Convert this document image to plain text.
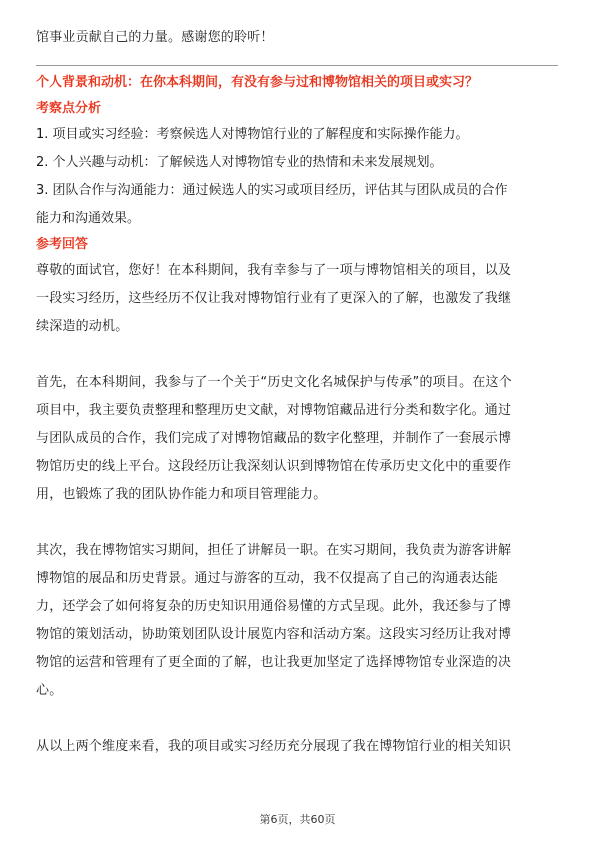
馆事业贡献自己的力量。感谢您的聆听！

个人背景和动机：在你本科期间，有没有参与过和博物馆相关的项目或实习？

考察点分析

1. 项目或实习经验：考察候选人对博物馆行业的了解程度和实际操作能力。

2. 个人兴趣与动机：了解候选人对博物馆专业的热情和未来发展规划。

3. 团队合作与沟通能力：通过候选人的实习或项目经历，评估其与团队成员的合作

能力和沟通效果。

参考回答

尊敬的面试官，您好！在本科期间，我有幸参与了一项与博物馆相关的项目，以及

一段实习经历，这些经历不仅让我对博物馆行业有了更深入的了解，也激发了我继

续深造的动机。

首先，在本科期间，我参与了一个关于“历史文化名城保护与传承”的项目。在这个

项目中，我主要负责整理和整理历史文献，对博物馆藏品进行分类和数字化。通过

与团队成员的合作，我们完成了对博物馆藏品的数字化整理，并制作了一套展示博

物馆历史的线上平台。这段经历让我深刻认识到博物馆在传承历史文化中的重要作

用，也锻炼了我的团队协作能力和项目管理能力。

其次，我在博物馆实习期间，担任了讲解员一职。在实习期间，我负责为游客讲解

博物馆的展品和历史背景。通过与游客的互动，我不仅提高了自己的沟通表达能

力，还学会了如何将复杂的历史知识用通俗易懂的方式呈现。此外，我还参与了博

物馆的策划活动，协助策划团队设计展览内容和活动方案。这段实习经历让我对博

物馆的运营和管理有了更全面的了解，也让我更加坚定了选择博物馆专业深造的决

心。

从以上两个维度来看，我的项目或实习经历充分展现了我在博物馆行业的相关知识

第6页，共60页
